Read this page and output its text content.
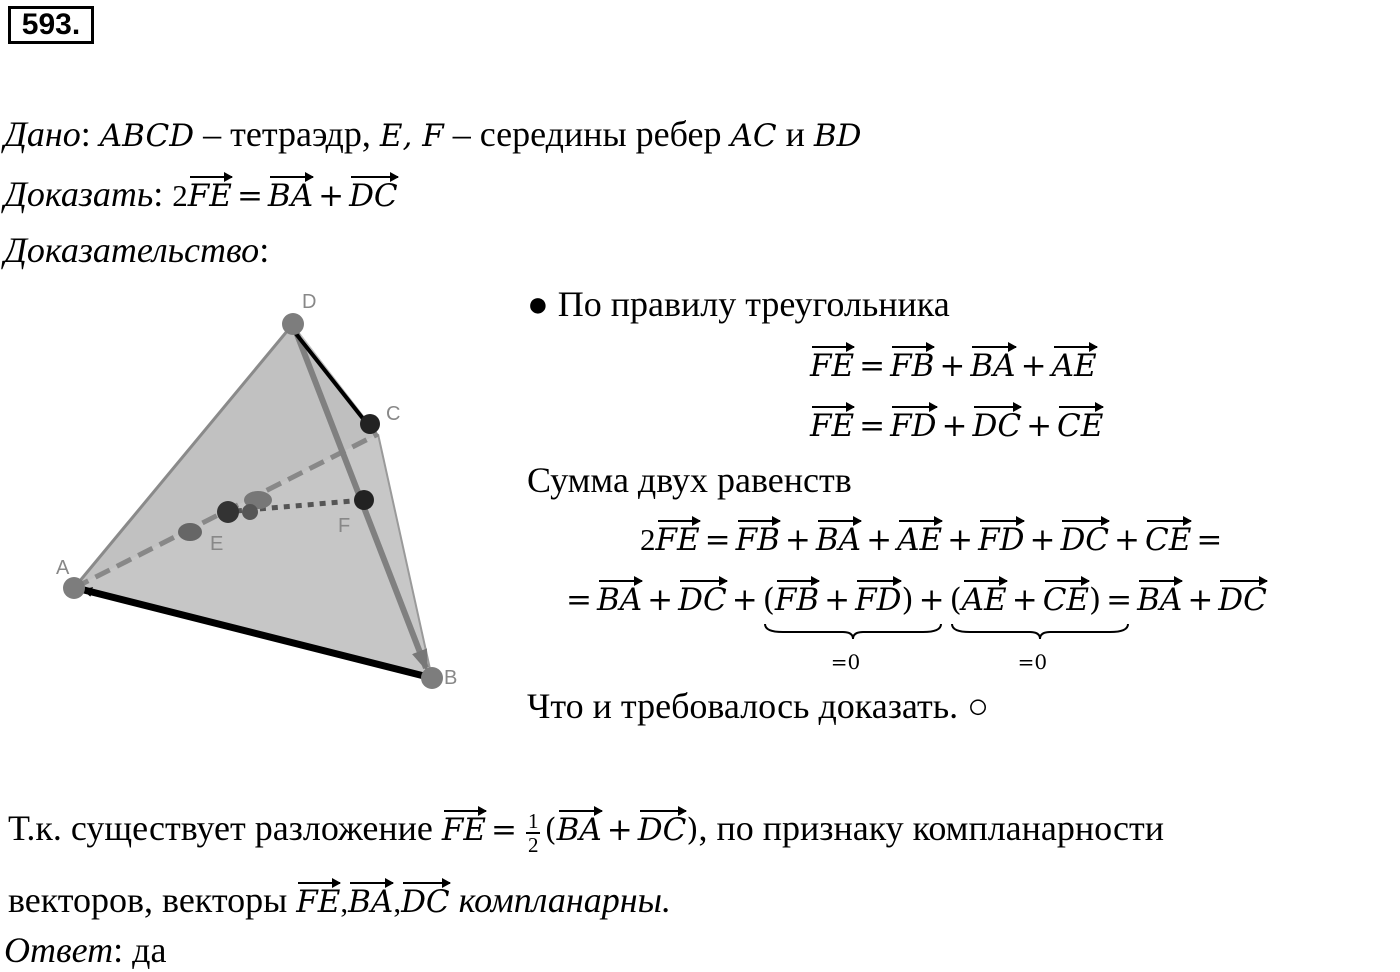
593.
Дано: ABCD – тетраэдр, E, F – середины ребер AC и BD
Доказать: 2FE = BA + DC
Доказательство:
A
B
C
D
E
F
● По правилу треугольника
FE = FB + BA + AE
FE = FD + DC + CE
Сумма двух равенств
2FE = FB + BA + AE + FD + DC + CE =
= BA + DC + (FB + FD)
=0
+ (AE + CE)
=0
= BA + DC
Что и требовалось доказать. ○
Т.к. существует разложение FE = $\frac{1}{2} (BA + DC)$, по признаку компланарности
векторов, векторы FE,BA,DC компланарны.
Ответ: да
